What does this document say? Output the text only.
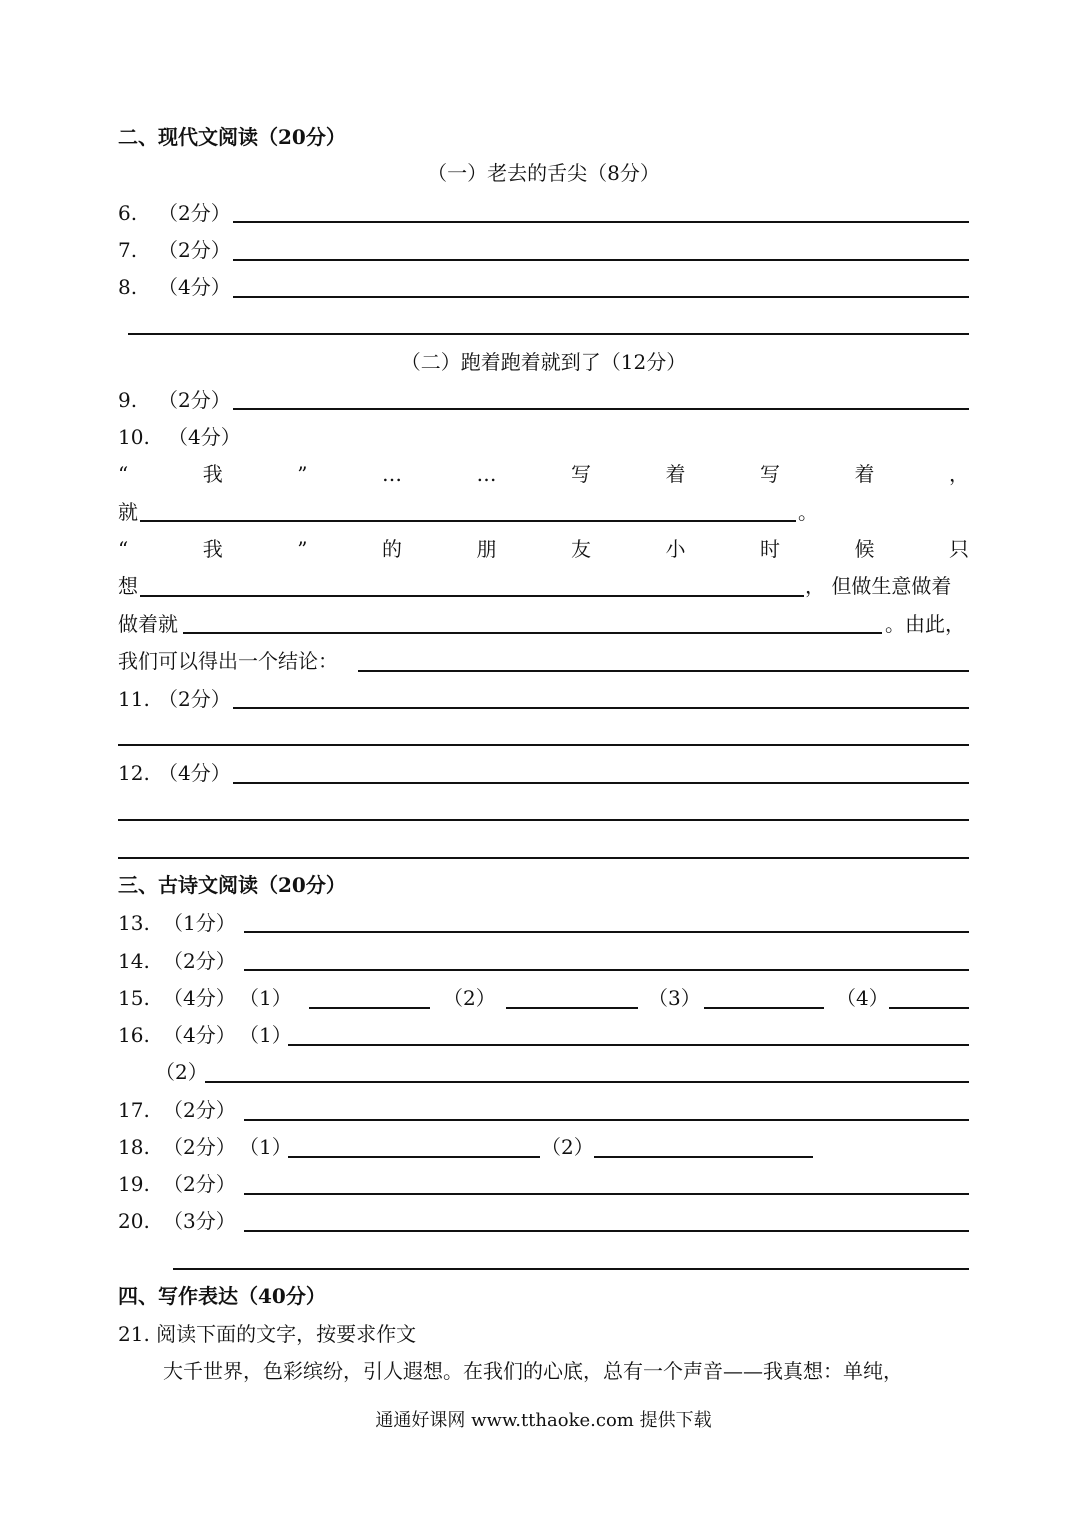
二、现代文阅读（20分）
（一）老去的舌尖（8分）
6. （2分）
7. （2分）
8. （4分）
（二）跑着跑着就到了（12分）
9. （2分）
10. （4分）
“	我	”	…	…	写	着	写	着	，
就	。
“	我	”	的	朋	友	小	时	候	只
想	， 但做生意做着
做着就	。由此，
我们可以得出一个结论：
11. （2分）
12. （4分）
三、古诗文阅读（20分）
13. （1分）
14. （2分）
15. （4分） （1）	（2）	（3）	（4）
16. （4分） （1）
（2）
17. （2分）
18. （2分） （1）	（2）
19. （2分）
20. （3分）
四、写作表达（40分）
21. 阅读下面的文字，按要求作文
大千世界，色彩缤纷，引人遐想。在我们的心底，总有一个声音——我真想：单纯，
通通好课网 www.tthaoke.com 提供下载
